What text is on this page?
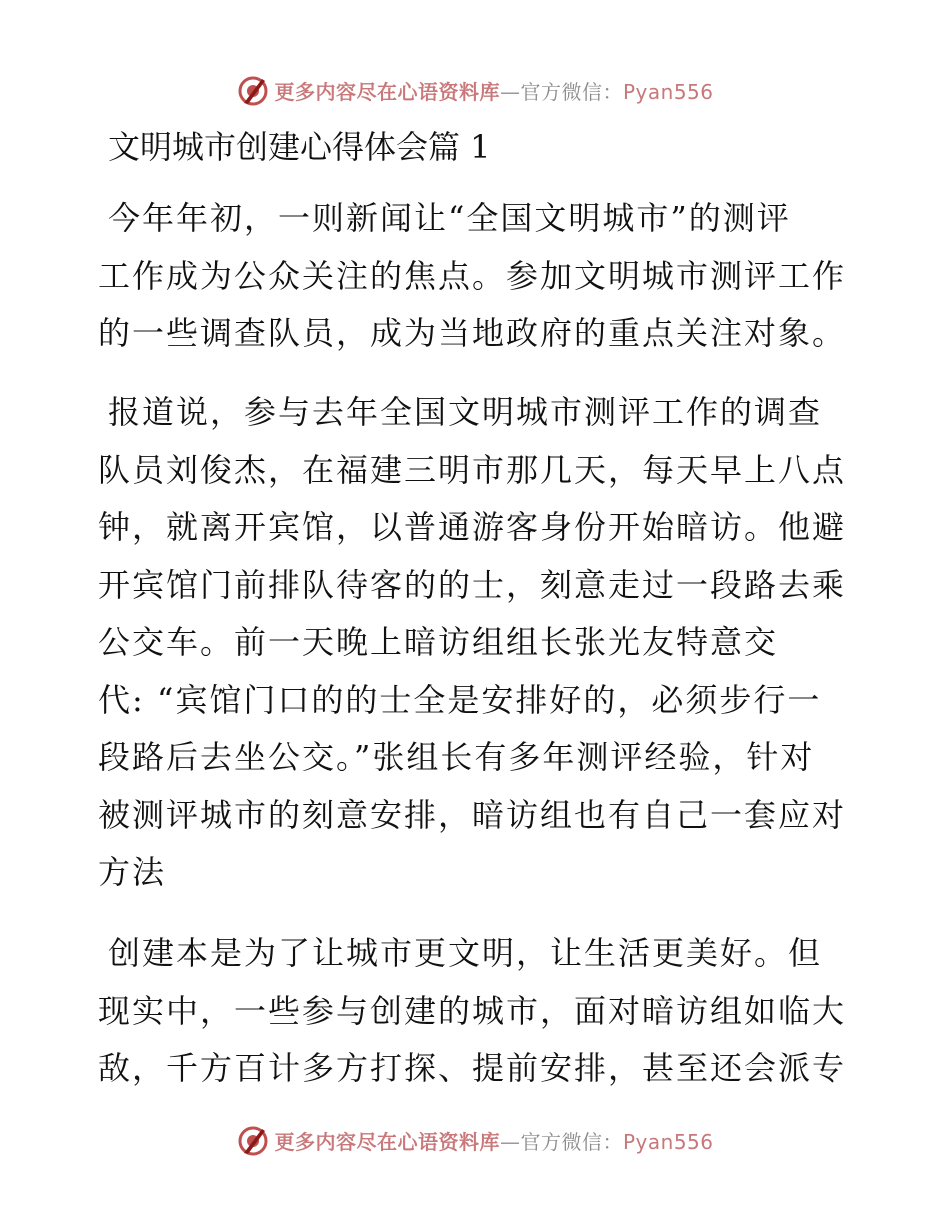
更多内容尽在心语资料库—官方微信：Pyan556
文明城市创建心得体会篇 1
今年年初，一则新闻让“全国文明城市”的测评
工作成为公众关注的焦点。参加文明城市测评工作
的一些调查队员，成为当地政府的重点关注对象。
报道说，参与去年全国文明城市测评工作的调查
队员刘俊杰，在福建三明市那几天，每天早上八点
钟，就离开宾馆，以普通游客身份开始暗访。他避
开宾馆门前排队待客的的士，刻意走过一段路去乘
公交车。前一天晚上暗访组组长张光友特意交
代: “宾馆门口的的士全是安排好的，必须步行一
段路后去坐公交。”张组长有多年测评经验，针对
被测评城市的刻意安排，暗访组也有自己一套应对
方法
创建本是为了让城市更文明，让生活更美好。但
现实中，一些参与创建的城市，面对暗访组如临大
敌，千方百计多方打探、提前安排，甚至还会派专
更多内容尽在心语资料库—官方微信：Pyan556
